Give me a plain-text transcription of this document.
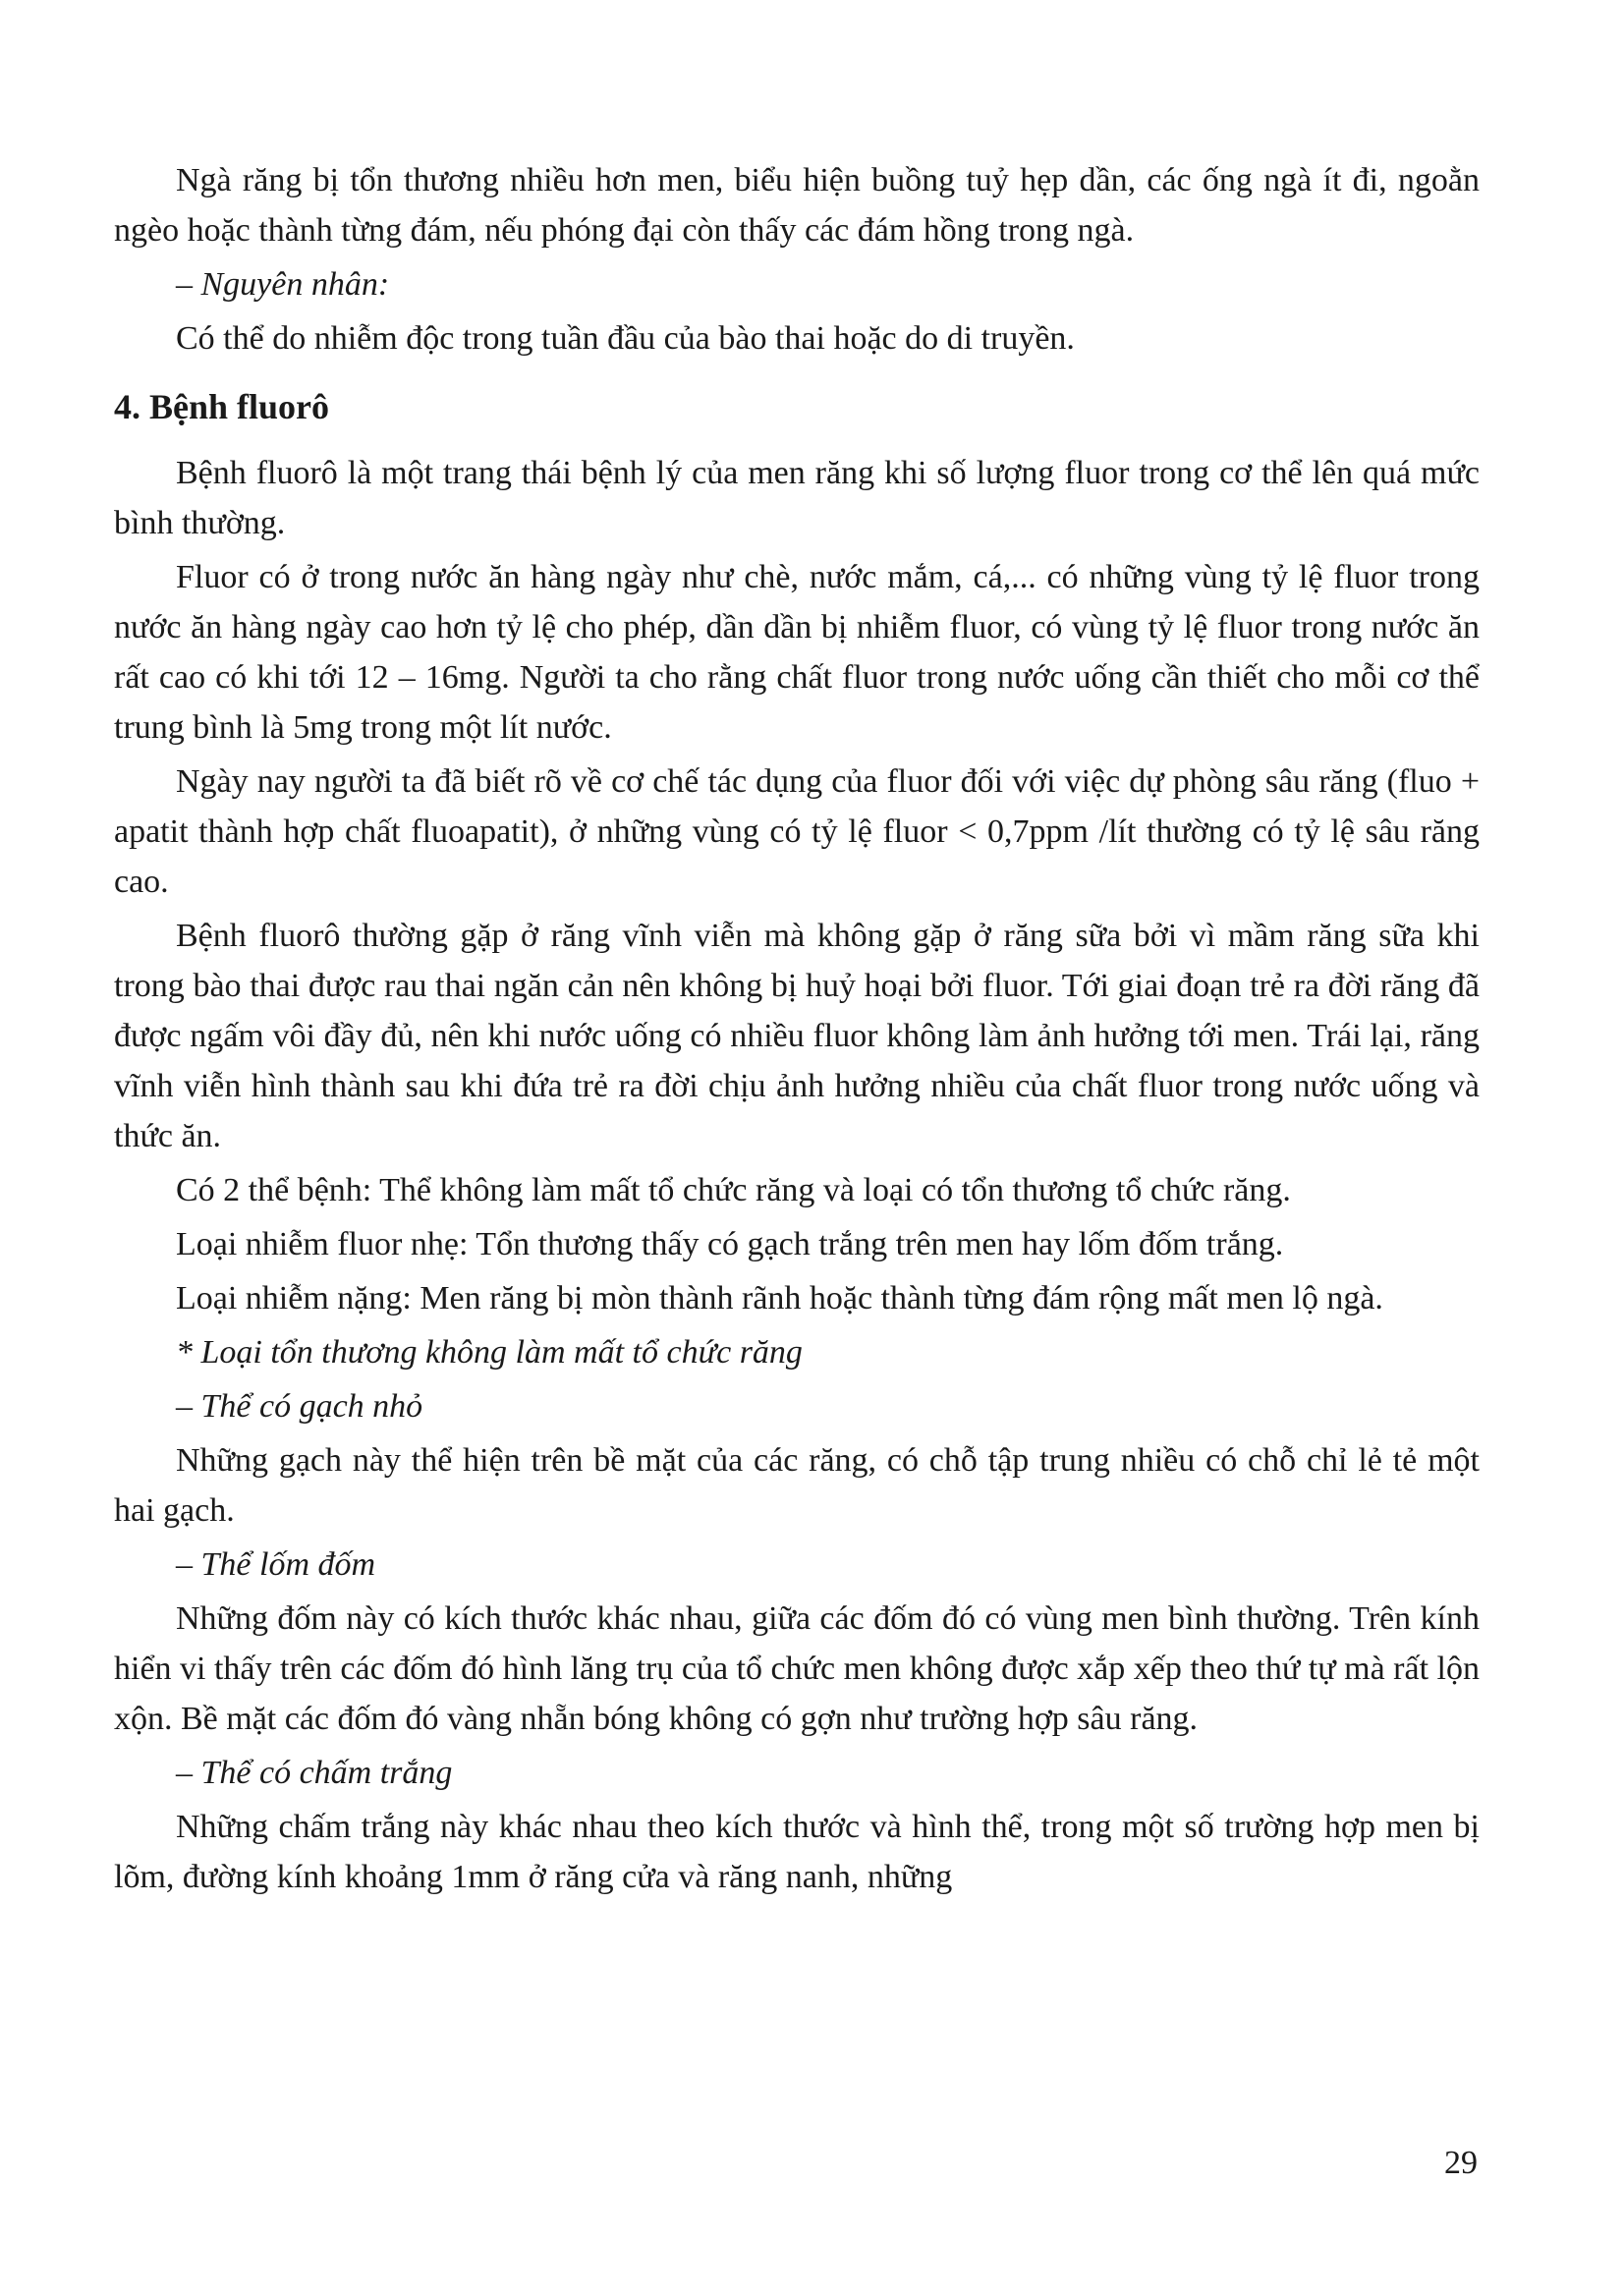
Ngà răng bị tổn thương nhiều hơn men, biểu hiện buồng tuỷ hẹp dần, các ống ngà ít đi, ngoằn ngèo hoặc thành từng đám, nếu phóng đại còn thấy các đám hồng trong ngà.

– Nguyên nhân:

Có thể do nhiễm độc trong tuần đầu của bào thai hoặc do di truyền.

4. Bệnh fluorô

Bệnh fluorô là một trang thái bệnh lý của men răng khi số lượng fluor trong cơ thể lên quá mức bình thường.

Fluor có ở trong nước ăn hàng ngày như chè, nước mắm, cá,... có những vùng tỷ lệ fluor trong nước ăn hàng ngày cao hơn tỷ lệ cho phép, dần dần bị nhiễm fluor, có vùng tỷ lệ fluor trong nước ăn rất cao có khi tới 12 – 16mg. Người ta cho rằng chất fluor trong nước uống cần thiết cho mỗi cơ thể trung bình là 5mg trong một lít nước.

Ngày nay người ta đã biết rõ về cơ chế tác dụng của fluor đối với việc dự phòng sâu răng (fluo + apatit thành hợp chất fluoapatit), ở những vùng có tỷ lệ fluor < 0,7ppm /lít thường có tỷ lệ sâu răng cao.

Bệnh fluorô thường gặp ở răng vĩnh viễn mà không gặp ở răng sữa bởi vì mầm răng sữa khi trong bào thai được rau thai ngăn cản nên không bị huỷ hoại bởi fluor. Tới giai đoạn trẻ ra đời răng đã được ngấm vôi đầy đủ, nên khi nước uống có nhiều fluor không làm ảnh hưởng tới men. Trái lại, răng vĩnh viễn hình thành sau khi đứa trẻ ra đời chịu ảnh hưởng nhiều của chất fluor trong nước uống và thức ăn.

Có 2 thể bệnh: Thể không làm mất tổ chức răng và loại có tổn thương tổ chức răng.

Loại nhiễm fluor nhẹ: Tổn thương thấy có gạch trắng trên men hay lốm đốm trắng.

Loại nhiễm nặng: Men răng bị mòn thành rãnh hoặc thành từng đám rộng mất men lộ ngà.

* Loại tổn thương không làm mất tổ chức răng

– Thể có gạch nhỏ

Những gạch này thể hiện trên bề mặt của các răng, có chỗ tập trung nhiều có chỗ chỉ lẻ tẻ một hai gạch.

– Thể lốm đốm

Những đốm này có kích thước khác nhau, giữa các đốm đó có vùng men bình thường. Trên kính hiển vi thấy trên các đốm đó hình lăng trụ của tổ chức men không được xắp xếp theo thứ tự mà rất lộn xộn. Bề mặt các đốm đó vàng nhẵn bóng không có gợn như trường hợp sâu răng.

– Thể có chấm trắng

Những chấm trắng này khác nhau theo kích thước và hình thể, trong một số trường hợp men bị lõm, đường kính khoảng 1mm ở răng cửa và răng nanh, những

29
